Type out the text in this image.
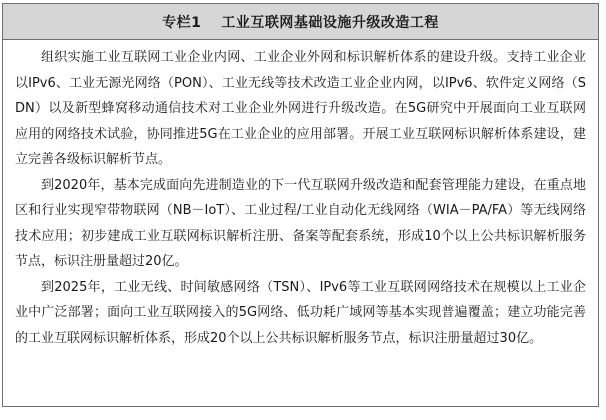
专栏1 工业互联网基础设施升级改造工程

组织实施工业互联网工业企业内网、工业企业外网和标识解析体系的建设升级。支持工业企业以IPv6、工业无源光网络（PON）、工业无线等技术改造工业企业内网，以IPv6、软件定义网络（SDN）以及新型蜂窝移动通信技术对工业企业外网进行升级改造。在5G研究中开展面向工业互联网应用的网络技术试验，协同推进5G在工业企业的应用部署。开展工业互联网标识解析体系建设，建立完善各级标识解析节点。

到2020年，基本完成面向先进制造业的下一代互联网升级改造和配套管理能力建设，在重点地区和行业实现窄带物联网（NB－IoT）、工业过程/工业自动化无线网络（WIA－PA/FA）等无线网络技术应用；初步建成工业互联网标识解析注册、备案等配套系统，形成10个以上公共标识解析服务节点，标识注册量超过20亿。

到2025年，工业无线、时间敏感网络（TSN）、IPv6等工业互联网网络技术在规模以上工业企业中广泛部署；面向工业互联网接入的5G网络、低功耗广域网等基本实现普遍覆盖；建立功能完善的工业互联网标识解析体系，形成20个以上公共标识解析服务节点，标识注册量超过30亿。
